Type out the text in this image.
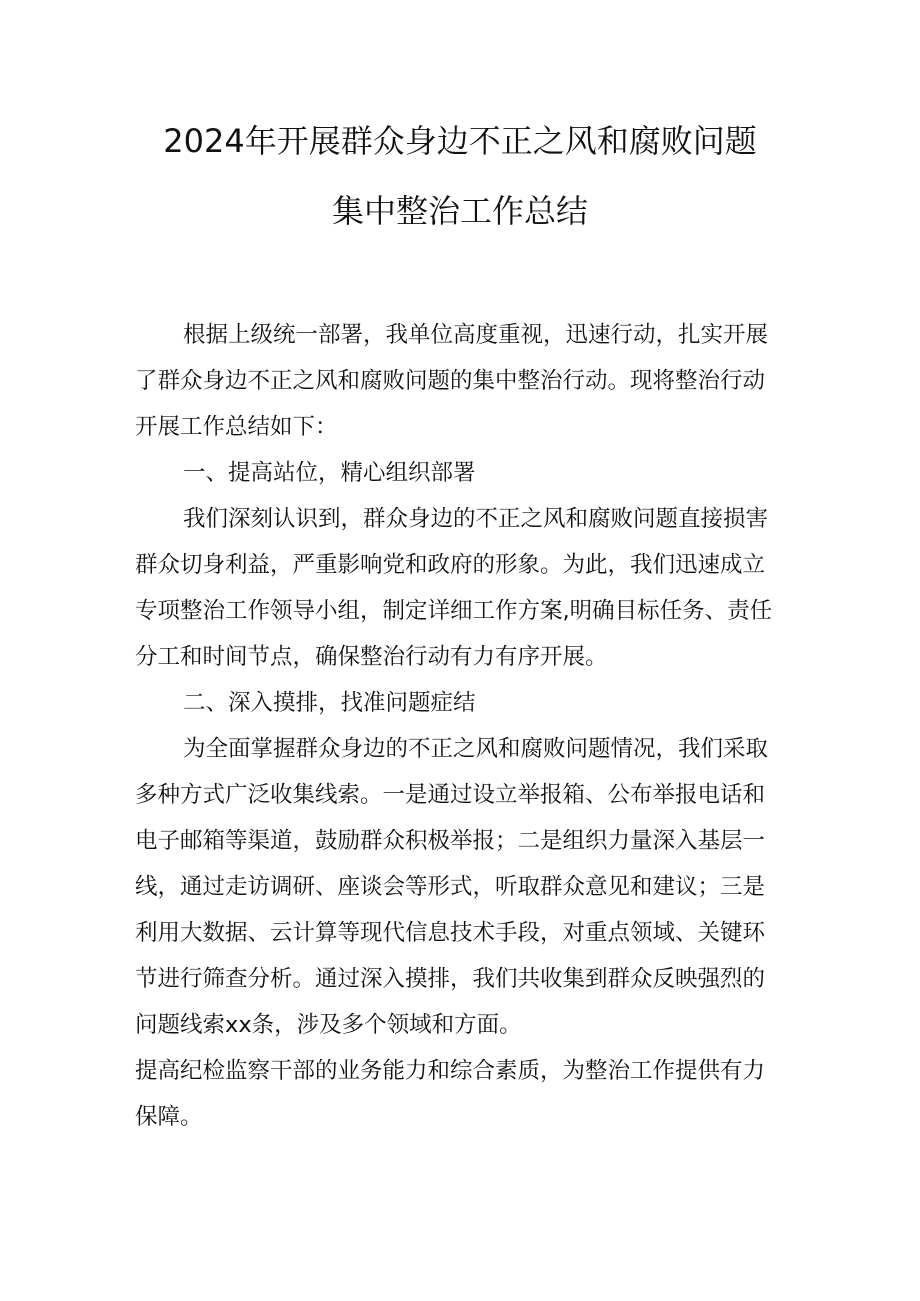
2024年开展群众身边不正之风和腐败问题
集中整治工作总结

根据上级统一部署，我单位高度重视，迅速行动，扎实开展
了群众身边不正之风和腐败问题的集中整治行动。现将整治行动
开展工作总结如下：

一、提高站位，精心组织部署

我们深刻认识到，群众身边的不正之风和腐败问题直接损害
群众切身利益，严重影响党和政府的形象。为此，我们迅速成立
专项整治工作领导小组，制定详细工作方案,明确目标任务、责任
分工和时间节点，确保整治行动有力有序开展。

二、深入摸排，找准问题症结

为全面掌握群众身边的不正之风和腐败问题情况，我们采取
多种方式广泛收集线索。一是通过设立举报箱、公布举报电话和
电子邮箱等渠道，鼓励群众积极举报；二是组织力量深入基层一
线，通过走访调研、座谈会等形式，听取群众意见和建议；三是
利用大数据、云计算等现代信息技术手段，对重点领域、关键环
节进行筛查分析。通过深入摸排，我们共收集到群众反映强烈的
问题线索xx条，涉及多个领域和方面。

提高纪检监察干部的业务能力和综合素质，为整治工作提供有力
保障。
